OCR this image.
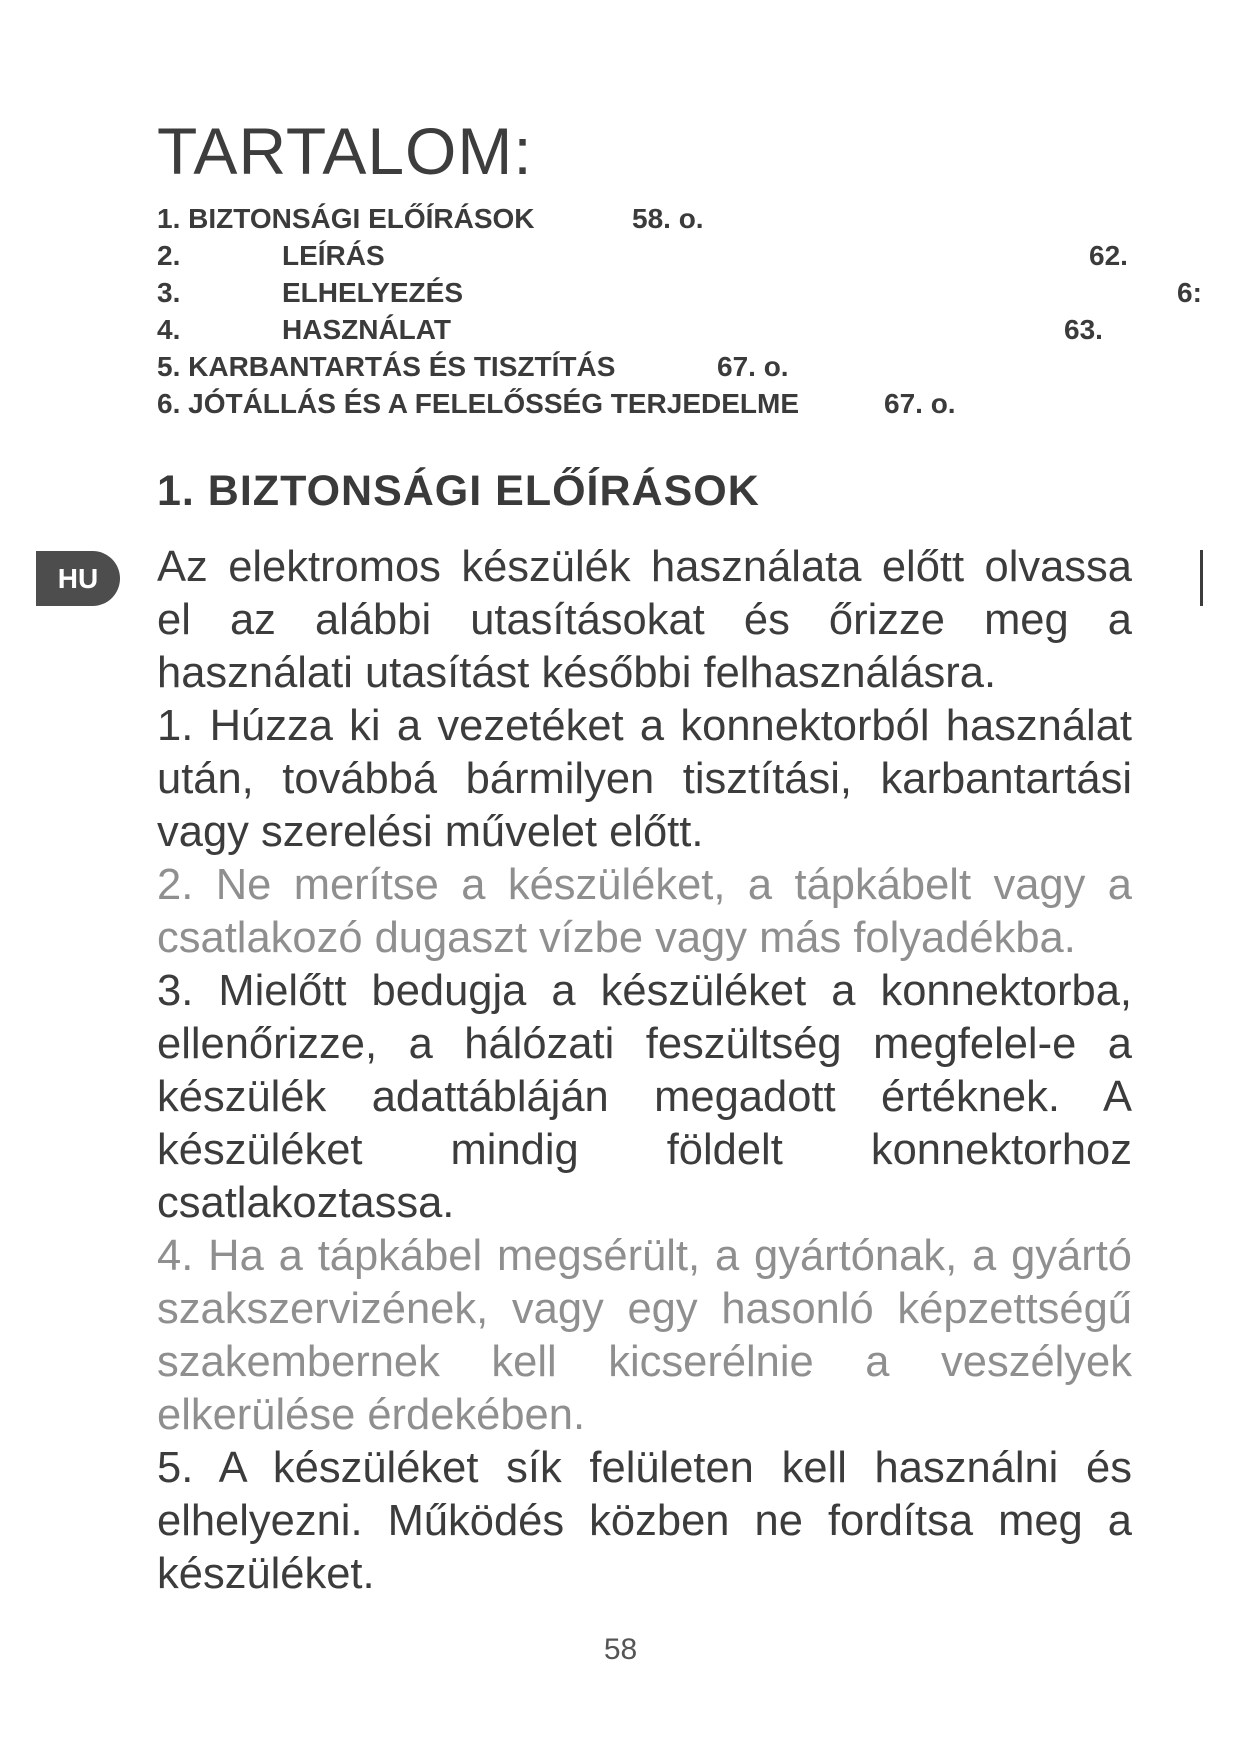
TARTALOM:
1. BIZTONSÁGI ELŐÍRÁSOK	58. o.
2.	LEÍRÁS	62.
3.	ELHELYEZÉS	6:
4.	HASZNÁLAT	63.
5. KARBANTARTÁS ÉS TISZTÍTÁS	67. o.
6. JÓTÁLLÁS ÉS A FELELŐSSÉG TERJEDELME	67. o.
1. BIZTONSÁGI ELŐÍRÁSOK
HU	Az elektromos készülék használata előtt olvassa el az alábbi utasításokat és őrizze meg a használati utasítást későbbi felhasználásra.

1. Húzza ki a vezetéket a konnektorból használat után, továbbá bármilyen tisztítási, karbantartási vagy szerelési művelet előtt.

2. Ne merítse a készüléket, a tápkábelt vagy a csatlakozó dugaszt vízbe vagy más folyadékba.

3. Mielőtt bedugja a készüléket a konnektorba, ellenőrizze, a hálózati feszültség megfelel-e a készülék adattábláján megadott értéknek. A készüléket mindig földelt konnektorhoz csatlakoztassa.

4. Ha a tápkábel megsérült, a gyártónak, a gyártó szakszervizének, vagy egy hasonló képzettségű szakembernek kell kicserélnie a veszélyek elkerülése érdekében.

5. A készüléket sík felületen kell használni és elhelyezni. Működés közben ne fordítsa meg a készüléket.

58
